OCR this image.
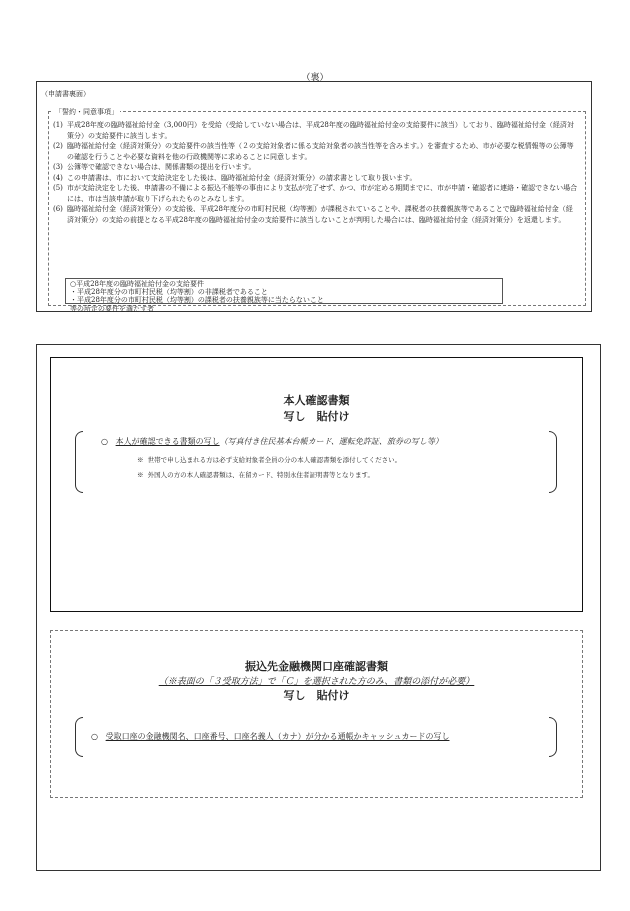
（裏）
（申請書裏面）
「誓約・同意事項」
(1) 平成28年度の臨時福祉給付金（3,000円）を受給（受給していない場合は、平成28年度の臨時福祉給付金の支給要件に該当）しており、臨時福祉給付金（経済対策分）の支給要件に該当します。
(2) 臨時福祉給付金（経済対策分）の支給要件の該当性等（２の支給対象者に係る支給対象者の該当性等を含みます。）を審査するため、市が必要な税情報等の公簿等の確認を行うことや必要な資料を他の行政機関等に求めることに同意します。
(3) 公簿等で確認できない場合は、関係書類の提出を行います。
(4) この申請書は、市において支給決定をした後は、臨時福祉給付金（経済対策分）の請求書として取り扱います。
(5) 市が支給決定をした後、申請書の不備による振込不能等の事由により支払が完了せず、かつ、市が定める期間までに、市が申請・確認者に連絡・確認できない場合には、市は当該申請が取り下げられたものとみなします。
(6) 臨時福祉給付金（経済対策分）の支給後、平成28年度分の市町村民税（均等割）が課税されていることや、課税者の扶養親族等であることで臨時福祉給付金（経済対策分）の支給の前提となる平成28年度の臨時福祉給付金の支給要件に該当しないことが判明した場合には、臨時福祉給付金（経済対策分）を返還します。
○平成28年度の臨時福祉給付金の支給要件
・平成28年度分の市町村民税（均等割）の非課税者であること
・平成28年度分の市町村民税（均等割）の課税者の扶養親族等に当たらないこと
等の所定の要件を満たす者
本人確認書類
写し　貼付け
○ 本人が確認できる書類の写し（写真付き住民基本台帳カード、運転免許証、旅券の写し等）
※ 世帯で申し込まれる方は必ず支給対象者全員の分の本人確認書類を添付してください。
※ 外国人の方の本人確認書類は、在留カード、特別永住者証明書等となります。
振込先金融機関口座確認書類
（※表面の「３受取方法」で「Ｃ」を選択された方のみ、書類の添付が必要）
写し　貼付け
○ 受取口座の金融機関名、口座番号、口座名義人（カナ）が分かる通帳かキャッシュカードの写し
